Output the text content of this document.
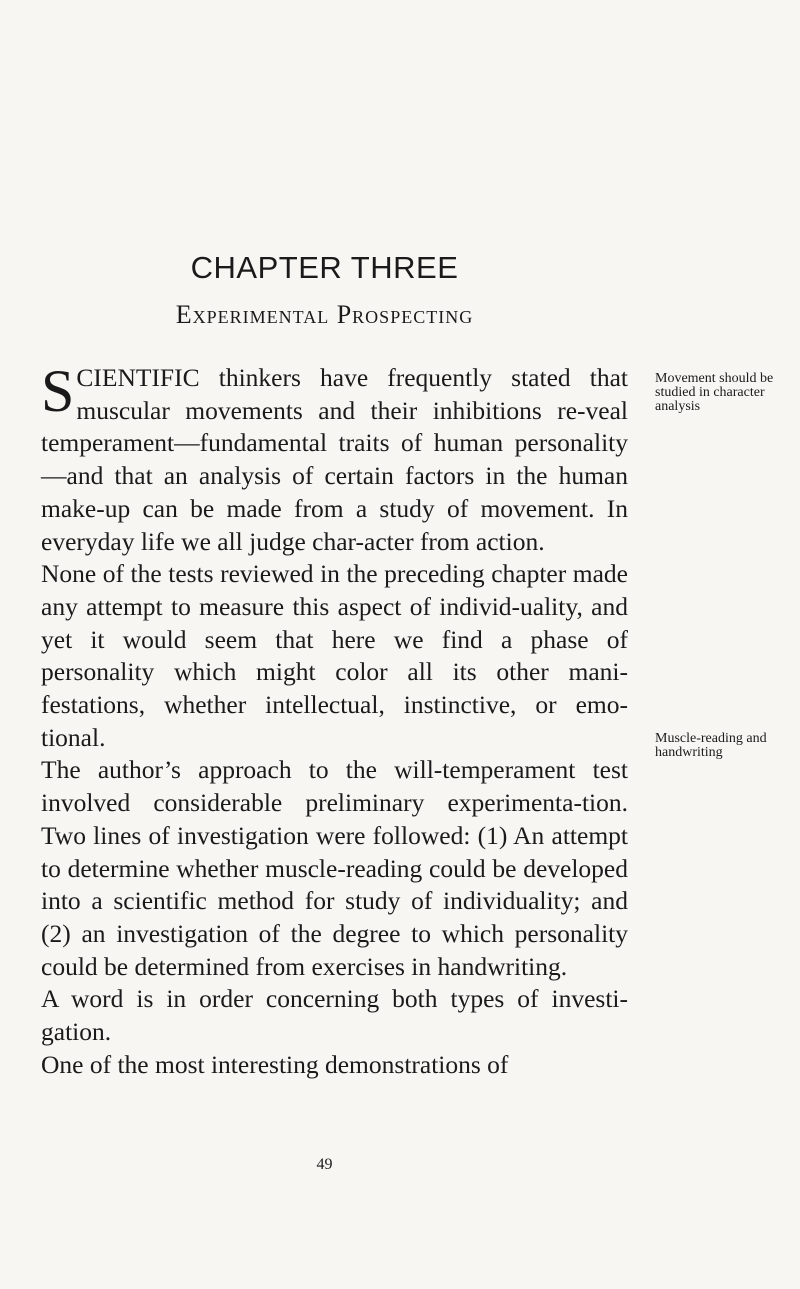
CHAPTER THREE
Experimental Prospecting

SCIENTIFIC thinkers have frequently stated that muscular movements and their inhibitions re-veal temperament—fundamental traits of human personality—and that an analysis of certain factors in the human make-up can be made from a study of movement. In everyday life we all judge char-acter from action.

None of the tests reviewed in the preceding chapter made any attempt to measure this aspect of individ-uality, and yet it would seem that here we find a phase of personality which might color all its other mani-festations, whether intellectual, instinctive, or emo-tional.

The author’s approach to the will-temperament test involved considerable preliminary experimenta-tion. Two lines of investigation were followed: (1) An attempt to determine whether muscle-reading could be developed into a scientific method for study of individuality; and (2) an investigation of the degree to which personality could be determined from exercises in handwriting.

A word is in order concerning both types of investi-gation.

One of the most interesting demonstrations of

Movement should be studied in character analysis
Muscle-reading and handwriting
49
